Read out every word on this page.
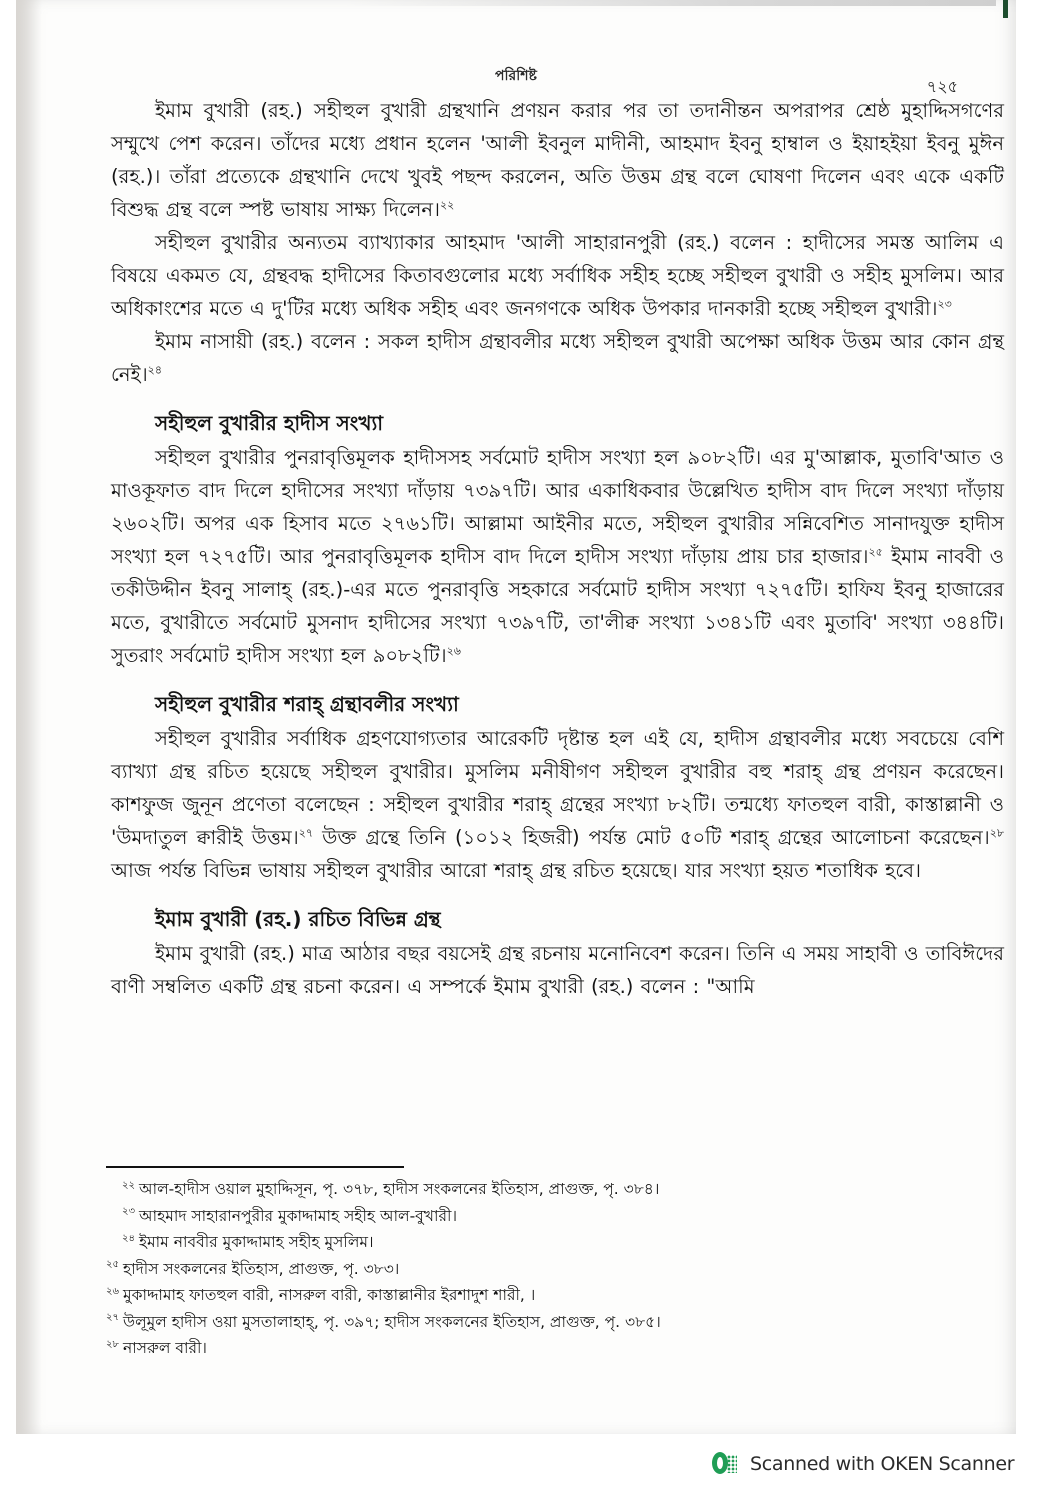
পরিশিষ্ট
৭২৫

ইমাম বুখারী (রহ.) সহীহুল বুখারী গ্রন্থখানি প্রণয়ন করার পর তা তদানীন্তন অপরাপর শ্রেষ্ঠ মুহাদ্দিসগণের সম্মুখে পেশ করেন। তাঁদের মধ্যে প্রধান হলেন 'আলী ইবনুল মাদীনী, আহমাদ ইবনু হাম্বাল ও ইয়াহইয়া ইবনু মুঈন (রহ.)। তাঁরা প্রত্যেকে গ্রন্থখানি দেখে খুবই পছন্দ করলেন, অতি উত্তম গ্রন্থ বলে ঘোষণা দিলেন এবং একে একটি বিশুদ্ধ গ্রন্থ বলে স্পষ্ট ভাষায় সাক্ষ্য দিলেন।$^{২২}$

সহীহুল বুখারীর অন্যতম ব্যাখ্যাকার আহমাদ 'আলী সাহারানপুরী (রহ.) বলেন : হাদীসের সমস্ত আলিম এ বিষয়ে একমত যে, গ্রন্থবদ্ধ হাদীসের কিতাবগুলোর মধ্যে সর্বাধিক সহীহ হচ্ছে সহীহুল বুখারী ও সহীহ মুসলিম। আর অধিকাংশের মতে এ দু'টির মধ্যে অধিক সহীহ এবং জনগণকে অধিক উপকার দানকারী হচ্ছে সহীহুল বুখারী।$^{২৩}$

ইমাম নাসায়ী (রহ.) বলেন : সকল হাদীস গ্রন্থাবলীর মধ্যে সহীহুল বুখারী অপেক্ষা অধিক উত্তম আর কোন গ্রন্থ নেই।$^{২৪}$

সহীহুল বুখারীর হাদীস সংখ্যা

সহীহুল বুখারীর পুনরাবৃত্তিমূলক হাদীসসহ সর্বমোট হাদীস সংখ্যা হল ৯০৮২টি। এর মু'আল্লাক, মুতাবি'আত ও মাওকূফাত বাদ দিলে হাদীসের সংখ্যা দাঁড়ায় ৭৩৯৭টি। আর একাধিকবার উল্লেখিত হাদীস বাদ দিলে সংখ্যা দাঁড়ায় ২৬০২টি। অপর এক হিসাব মতে ২৭৬১টি। আল্লামা আইনীর মতে, সহীহুল বুখারীর সন্নিবেশিত সানাদযুক্ত হাদীস সংখ্যা হল ৭২৭৫টি। আর পুনরাবৃত্তিমূলক হাদীস বাদ দিলে হাদীস সংখ্যা দাঁড়ায় প্রায় চার হাজার।$^{২৫}$ ইমাম নাববী ও তকীউদ্দীন ইবনু সালাহ্ (রহ.)-এর মতে পুনরাবৃত্তি সহকারে সর্বমোট হাদীস সংখ্যা ৭২৭৫টি। হাফিয ইবনু হাজারের মতে, বুখারীতে সর্বমোট মুসনাদ হাদীসের সংখ্যা ৭৩৯৭টি, তা'লীক্ব সংখ্যা ১৩৪১টি এবং মুতাবি' সংখ্যা ৩৪৪টি। সুতরাং সর্বমোট হাদীস সংখ্যা হল ৯০৮২টি।$^{২৬}$

সহীহুল বুখারীর শরাহ্ গ্রন্থাবলীর সংখ্যা

সহীহুল বুখারীর সর্বাধিক গ্রহণযোগ্যতার আরেকটি দৃষ্টান্ত হল এই যে, হাদীস গ্রন্থাবলীর মধ্যে সবচেয়ে বেশি ব্যাখ্যা গ্রন্থ রচিত হয়েছে সহীহুল বুখারীর। মুসলিম মনীষীগণ সহীহুল বুখারীর বহু শরাহ্ গ্রন্থ প্রণয়ন করেছেন। কাশফুজ জুনূন প্রণেতা বলেছেন : সহীহুল বুখারীর শরাহ্ গ্রন্থের সংখ্যা ৮২টি। তন্মধ্যে ফাতহুল বারী, কাস্তাল্লানী ও 'উমদাতুল ক্বারীই উত্তম।$^{২৭}$ উক্ত গ্রন্থে তিনি (১০১২ হিজরী) পর্যন্ত মোট ৫০টি শরাহ্ গ্রন্থের আলোচনা করেছেন।$^{২৮}$ আজ পর্যন্ত বিভিন্ন ভাষায় সহীহুল বুখারীর আরো শরাহ্ গ্রন্থ রচিত হয়েছে। যার সংখ্যা হয়ত শতাধিক হবে।

ইমাম বুখারী (রহ.) রচিত বিভিন্ন গ্রন্থ

ইমাম বুখারী (রহ.) মাত্র আঠার বছর বয়সেই গ্রন্থ রচনায় মনোনিবেশ করেন। তিনি এ সময় সাহাবী ও তাবিঈদের বাণী সম্বলিত একটি গ্রন্থ রচনা করেন। এ সম্পর্কে ইমাম বুখারী (রহ.) বলেন : "আমি

$^{২২}$ আল-হাদীস ওয়াল মুহাদ্দিসূন, পৃ. ৩৭৮, হাদীস সংকলনের ইতিহাস, প্রাগুক্ত, পৃ. ৩৮৪।
$^{২৩}$ আহমাদ সাহারানপুরীর মুকাদ্দামাহ সহীহ আল-বুখারী।
$^{২৪}$ ইমাম নাববীর মুকাদ্দামাহ সহীহ মুসলিম।
$^{২৫}$ হাদীস সংকলনের ইতিহাস, প্রাগুক্ত, পৃ. ৩৮৩।
$^{২৬}$ মুকাদ্দামাহ ফাতহুল বারী, নাসরুল বারী, কাস্তাল্লানীর ইরশাদুশ শারী, ।
$^{২৭}$ উলূমুল হাদীস ওয়া মুসতালাহাহ্, পৃ. ৩৯৭; হাদীস সংকলনের ইতিহাস, প্রাগুক্ত, পৃ. ৩৮৫।
$^{২৮}$ নাসরুল বারী।
Scanned with OKEN Scanner
